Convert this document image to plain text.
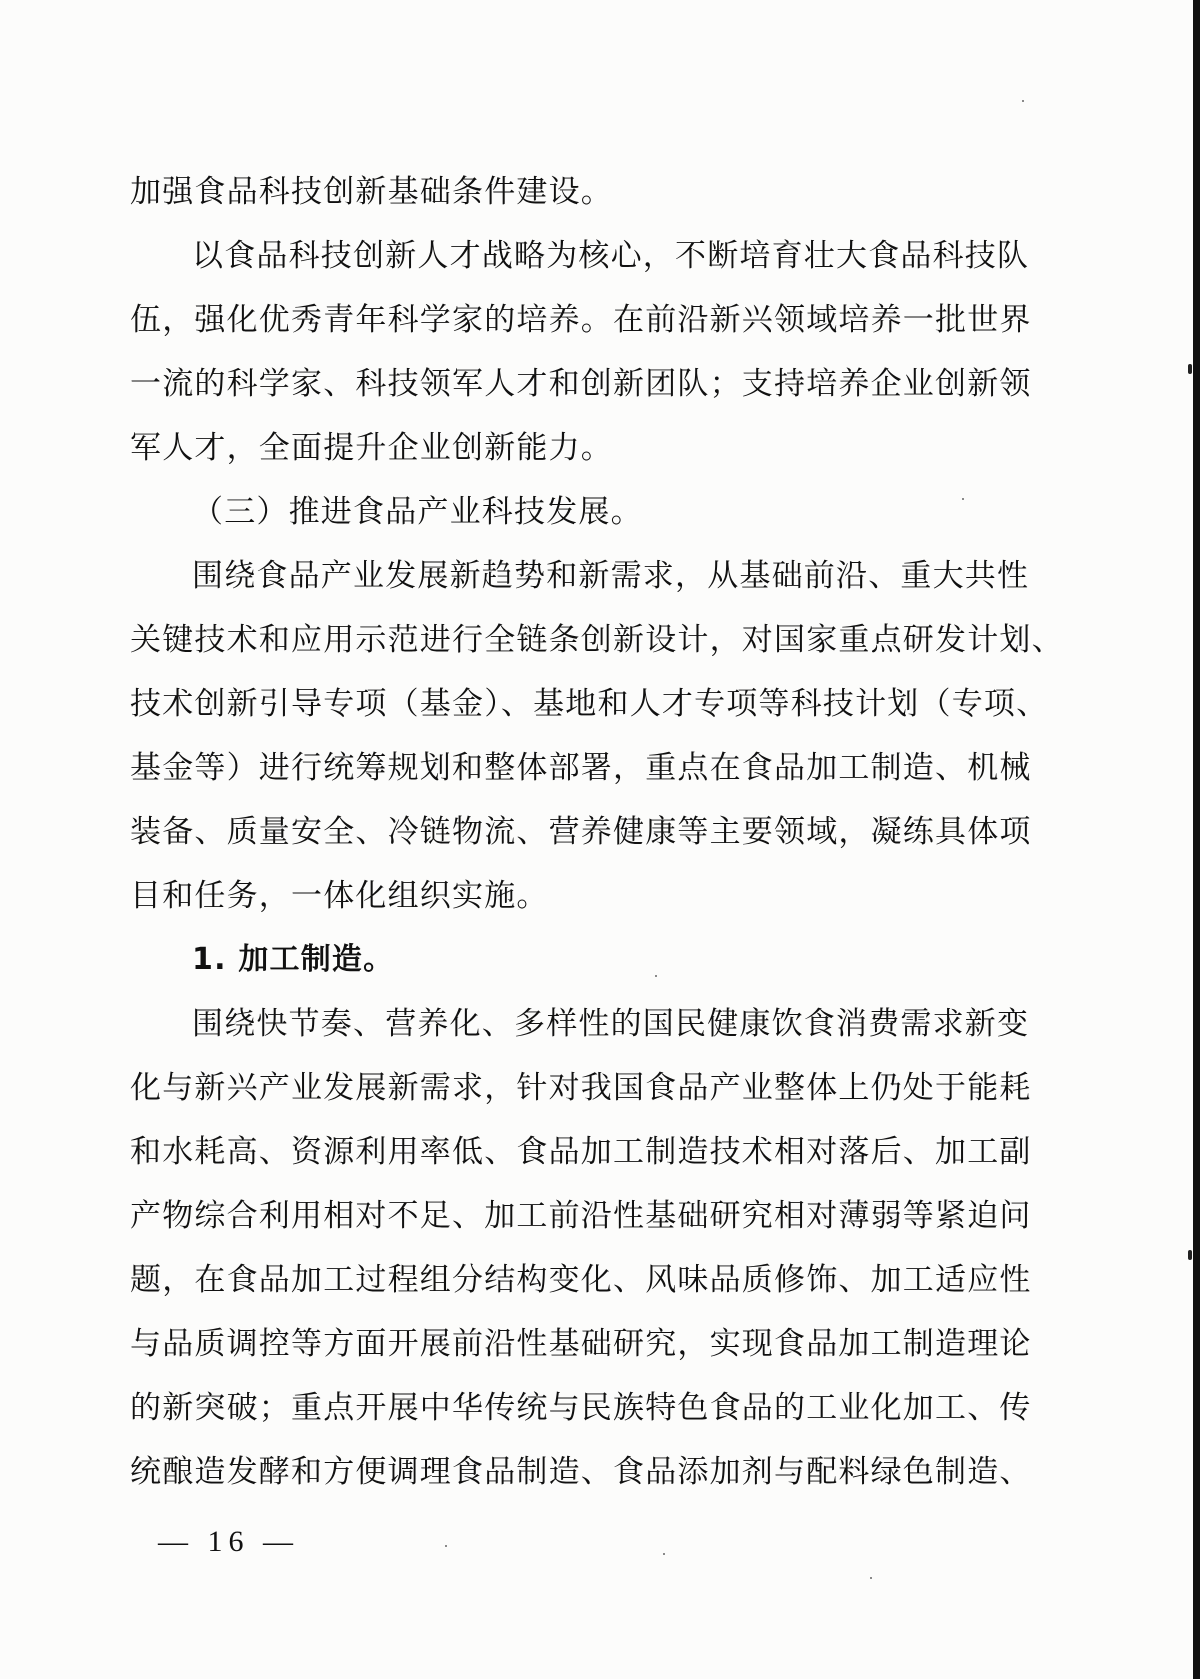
加强食品科技创新基础条件建设。
以食品科技创新人才战略为核心，不断培育壮大食品科技队
伍，强化优秀青年科学家的培养。在前沿新兴领域培养一批世界
一流的科学家、科技领军人才和创新团队；支持培养企业创新领
军人才，全面提升企业创新能力。
（三）推进食品产业科技发展。
围绕食品产业发展新趋势和新需求，从基础前沿、重大共性
关键技术和应用示范进行全链条创新设计，对国家重点研发计划、
技术创新引导专项（基金）、基地和人才专项等科技计划（专项、
基金等）进行统筹规划和整体部署，重点在食品加工制造、机械
装备、质量安全、冷链物流、营养健康等主要领域，凝练具体项
目和任务，一体化组织实施。
1. 加工制造。
围绕快节奏、营养化、多样性的国民健康饮食消费需求新变
化与新兴产业发展新需求，针对我国食品产业整体上仍处于能耗
和水耗高、资源利用率低、食品加工制造技术相对落后、加工副
产物综合利用相对不足、加工前沿性基础研究相对薄弱等紧迫问
题，在食品加工过程组分结构变化、风味品质修饰、加工适应性
与品质调控等方面开展前沿性基础研究，实现食品加工制造理论
的新突破；重点开展中华传统与民族特色食品的工业化加工、传
统酿造发酵和方便调理食品制造、食品添加剂与配料绿色制造、
— 16 —
